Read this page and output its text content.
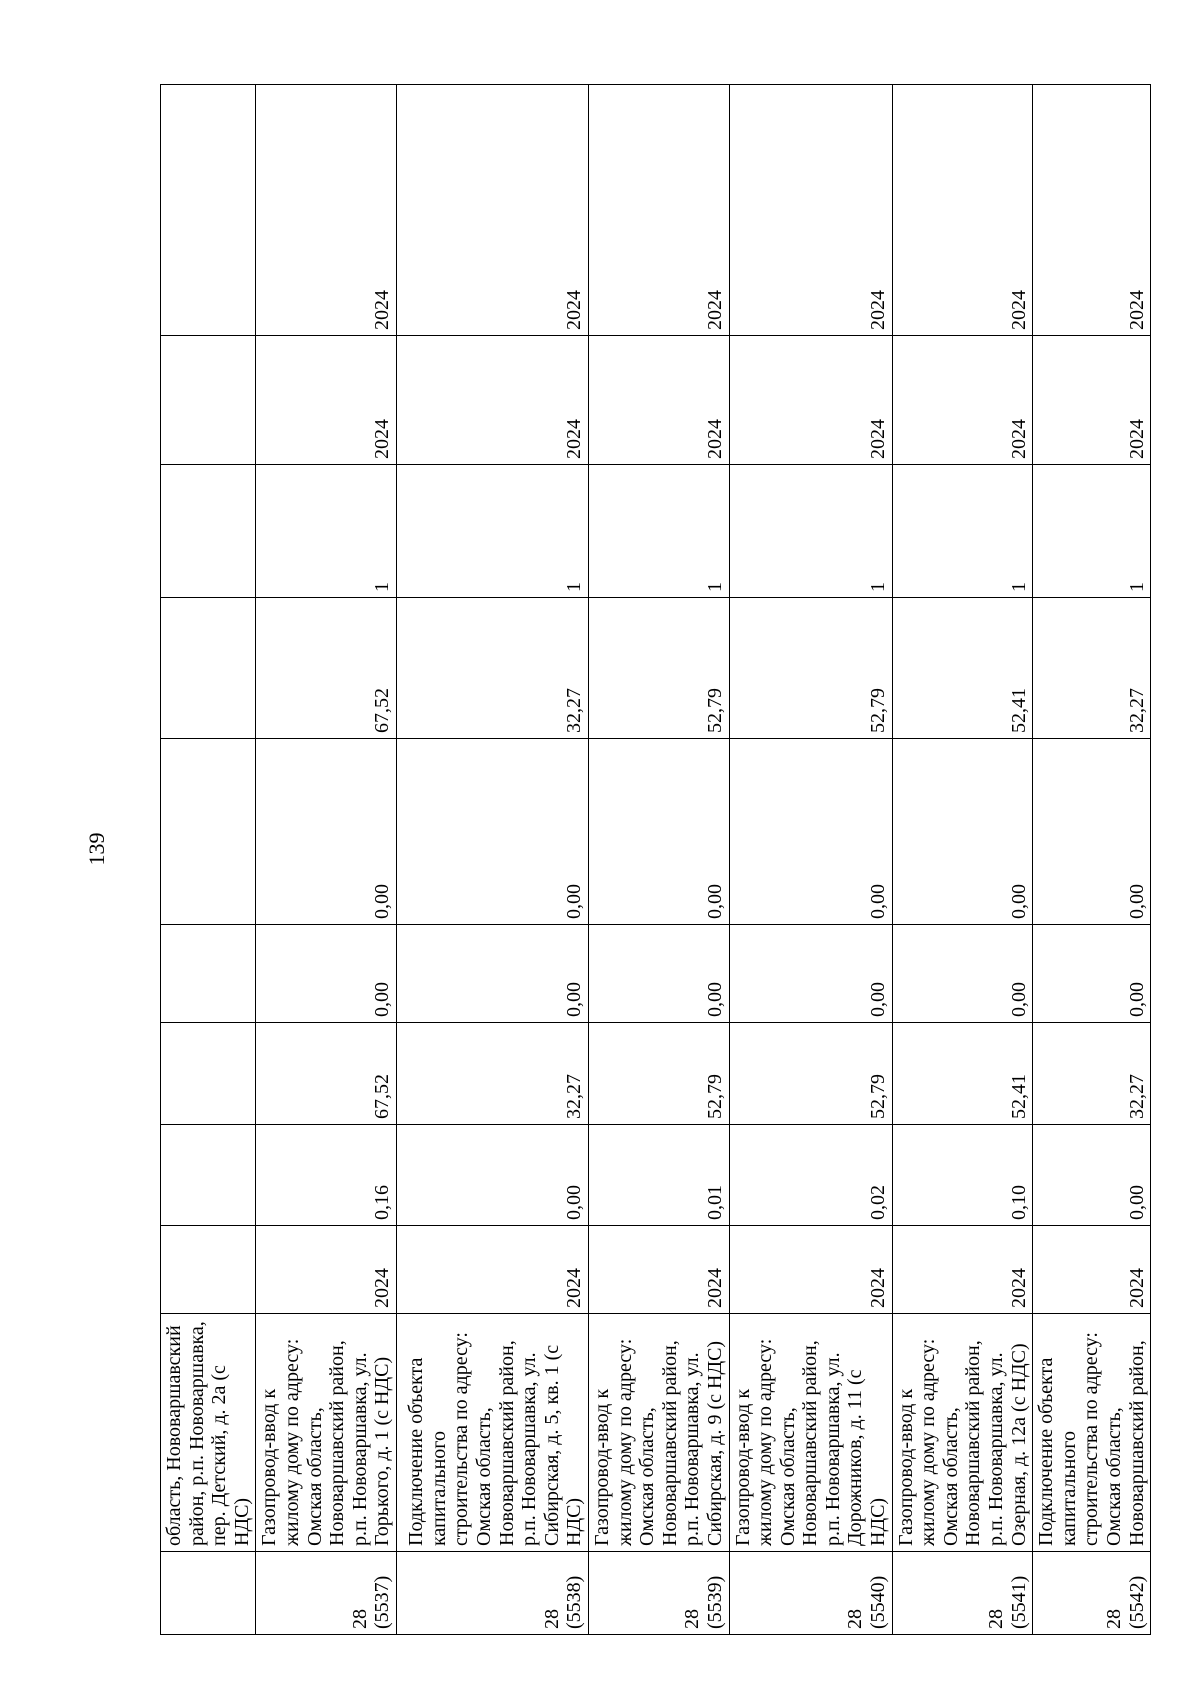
139
	область, Нововаршавский район, р.п. Нововаршавка, пер. Детский, д. 2а (с НДС)									
28 (5537)	Газопровод-ввод к жилому дому по адресу: Омская область, Нововаршавский район, р.п. Нововаршавка, ул. Горького, д. 1 (с НДС)	2024	0,16	67,52	0,00	0,00	67,52	1	2024	2024
28 (5538)	Подключение объекта капитального строительства по адресу: Омская область, Нововаршавский район, р.п. Нововаршавка, ул. Сибирская, д. 5, кв. 1 (с НДС)	2024	0,00	32,27	0,00	0,00	32,27	1	2024	2024
28 (5539)	Газопровод-ввод к жилому дому по адресу: Омская область, Нововаршавский район, р.п. Нововаршавка, ул. Сибирская, д. 9 (с НДС)	2024	0,01	52,79	0,00	0,00	52,79	1	2024	2024
28 (5540)	Газопровод-ввод к жилому дому по адресу: Омская область, Нововаршавский район, р.п. Нововаршавка, ул. Дорожников, д. 11 (с НДС)	2024	0,02	52,79	0,00	0,00	52,79	1	2024	2024
28 (5541)	Газопровод-ввод к жилому дому по адресу: Омская область, Нововаршавский район, р.п. Нововаршавка, ул. Озерная, д. 12а (с НДС)	2024	0,10	52,41	0,00	0,00	52,41	1	2024	2024
28 (5542)	Подключение объекта капитального строительства по адресу: Омская область, Нововаршавский район,	2024	0,00	32,27	0,00	0,00	32,27	1	2024	2024
